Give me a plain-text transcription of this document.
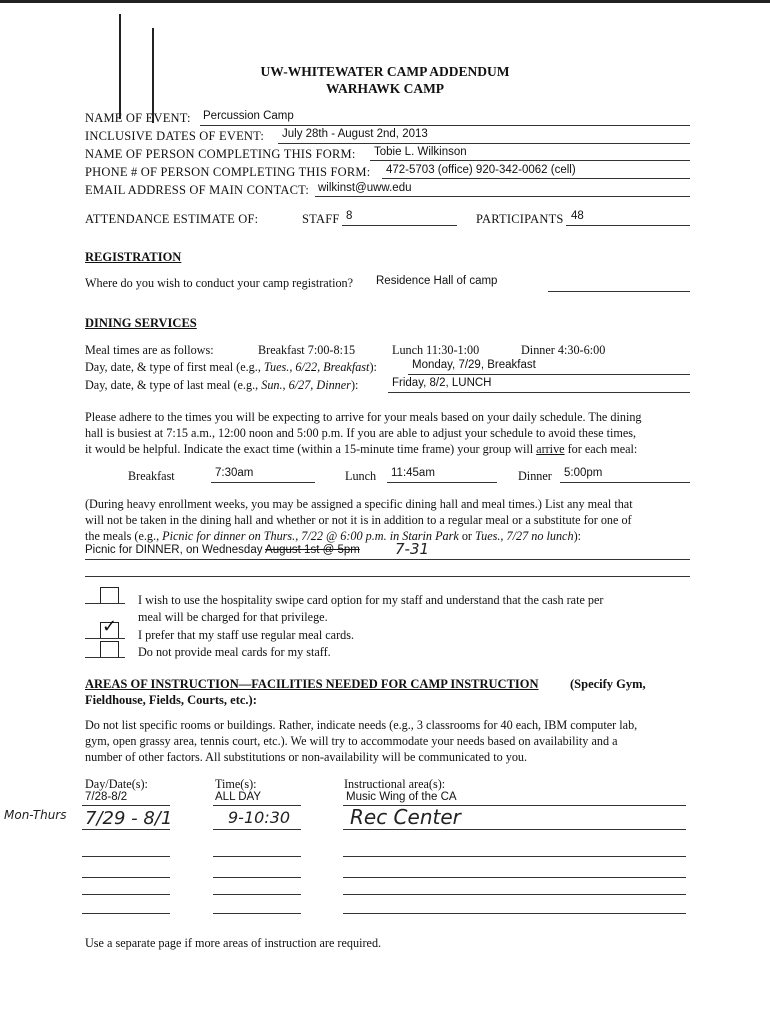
UW-WHITEWATER CAMP ADDENDUM
WARHAWK CAMP
NAME OF EVENT: Percussion Camp
INCLUSIVE DATES OF EVENT: July 28th - August 2nd, 2013
NAME OF PERSON COMPLETING THIS FORM: Tobie L. Wilkinson
PHONE # OF PERSON COMPLETING THIS FORM: 472-5703 (office) 920-342-0062 (cell)
EMAIL ADDRESS OF MAIN CONTACT: wilkinst@uww.edu
ATTENDANCE ESTIMATE OF:	STAFF 8	PARTICIPANTS 48
REGISTRATION
Where do you wish to conduct your camp registration? Residence Hall of camp
DINING SERVICES
Meal times are as follows:	Breakfast 7:00-8:15	Lunch 11:30-1:00	Dinner 4:30-6:00
Day, date, & type of first meal (e.g., Tues., 6/22, Breakfast):	Monday, 7/29, Breakfast
Day, date, & type of last meal (e.g., Sun., 6/27, Dinner):	Friday, 8/2, LUNCH
Please adhere to the times you will be expecting to arrive for your meals based on your daily schedule. The dining
hall is busiest at 7:15 a.m., 12:00 noon and 5:00 p.m. If you are able to adjust your schedule to avoid these times,
it would be helpful. Indicate the exact time (within a 15-minute time frame) your group will arrive for each meal:
Breakfast	7:30am	Lunch 11:45am	Dinner 5:00pm
(During heavy enrollment weeks, you may be assigned a specific dining hall and meal times.) List any meal that
will not be taken in the dining hall and whether or not it is in addition to a regular meal or a substitute for one of
the meals (e.g., Picnic for dinner on Thurs., 7/22 @ 6:00 p.m. in Starin Park or Tues., 7/27 no lunch):
Picnic for DINNER, on Wednesday August 1st @ 5pm 7-31
I wish to use the hospitality swipe card option for my staff and understand that the cash rate per
meal will be charged for that privilege.
✓ I prefer that my staff use regular meal cards.
Do not provide meal cards for my staff.
AREAS OF INSTRUCTION—FACILITIES NEEDED FOR CAMP INSTRUCTION	(Specify Gym,
Fieldhouse, Fields, Courts, etc.):
Do not list specific rooms or buildings. Rather, indicate needs (e.g., 3 classrooms for 40 each, IBM computer lab,
gym, open grassy area, tennis court, etc.). We will try to accommodate your needs based on availability and a
number of other factors. All substitutions or non-availability will be communicated to you.
Day/Date(s):	Time(s):	Instructional area(s):
7/28-8/2	ALL DAY	Music Wing of the CA
Mon-Thurs 7/29 - 8/1	9-10:30	Rec Center
Use a separate page if more areas of instruction are required.
